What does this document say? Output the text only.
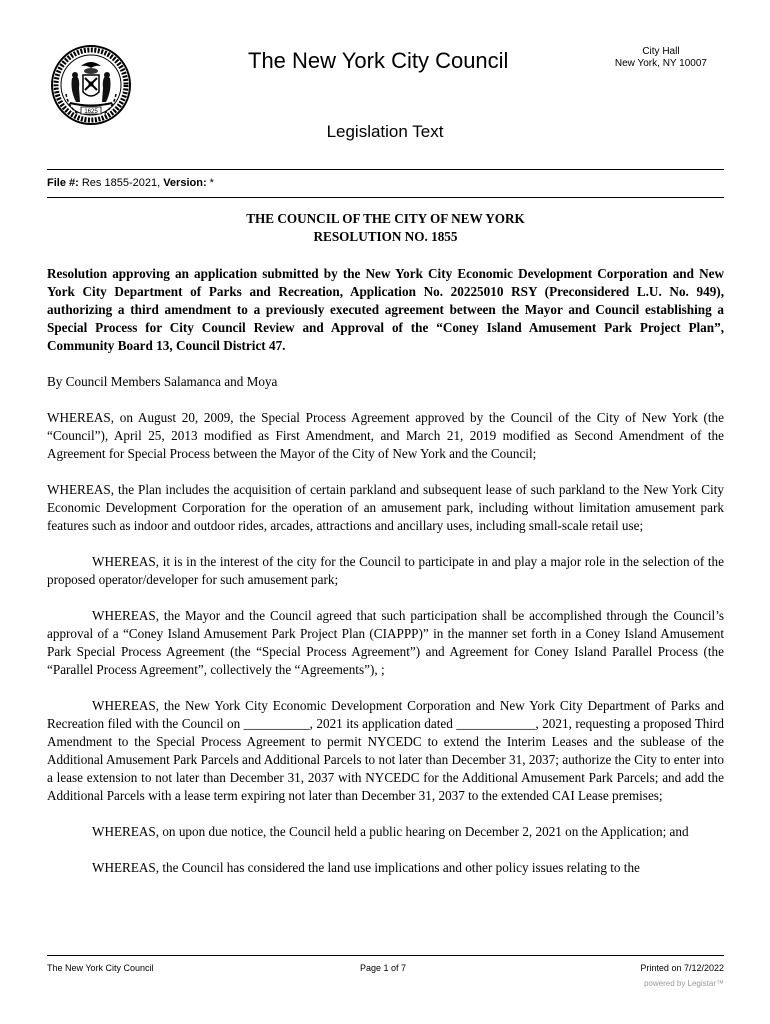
1625
The New York City Council	City Hall
New York, NY 10007
Legislation Text
File #: Res 1855-2021, Version: *

THE COUNCIL OF THE CITY OF NEW YORK

RESOLUTION NO. 1855

Resolution approving an application submitted by the New York City Economic Development Corporation and New York City Department of Parks and Recreation, Application No. 20225010 RSY (Preconsidered L.U. No. 949), authorizing a third amendment to a previously executed agreement between the Mayor and Council establishing a Special Process for City Council Review and Approval of the “Coney Island Amusement Park Project Plan”, Community Board 13, Council District 47.

By Council Members Salamanca and Moya

WHEREAS, on August 20, 2009, the Special Process Agreement approved by the Council of the City of New York (the “Council”), April 25, 2013 modified as First Amendment, and March 21, 2019 modified as Second Amendment of the Agreement for Special Process between the Mayor of the City of New York and the Council;

WHEREAS, the Plan includes the acquisition of certain parkland and subsequent lease of such parkland to the New York City Economic Development Corporation for the operation of an amusement park, including without limitation amusement park features such as indoor and outdoor rides, arcades, attractions and ancillary uses, including small-scale retail use;

WHEREAS, it is in the interest of the city for the Council to participate in and play a major role in the selection of the proposed operator/developer for such amusement park;

WHEREAS, the Mayor and the Council agreed that such participation shall be accomplished through the Council’s approval of a “Coney Island Amusement Park Project Plan (CIAPPP)” in the manner set forth in a Coney Island Amusement Park Special Process Agreement (the “Special Process Agreement”) and Agreement for Coney Island Parallel Process (the “Parallel Process Agreement”, collectively the “Agreements”), ;

WHEREAS, the New York City Economic Development Corporation and New York City Department of Parks and Recreation filed with the Council on __________, 2021 its application dated ____________, 2021, requesting a proposed Third Amendment to the Special Process Agreement to permit NYCEDC to extend the Interim Leases and the sublease of the Additional Amusement Park Parcels and Additional Parcels to not later than December 31, 2037; authorize the City to enter into a lease extension to not later than December 31, 2037 with NYCEDC for the Additional Amusement Park Parcels; and add the Additional Parcels with a lease term expiring not later than December 31, 2037 to the extended CAI Lease premises;

WHEREAS, on upon due notice, the Council held a public hearing on December 2, 2021 on the Application; and

WHEREAS, the Council has considered the land use implications and other policy issues relating to the

The New York City Council	Page 1 of 7	Printed on 7/12/2022
powered by Legistar™
